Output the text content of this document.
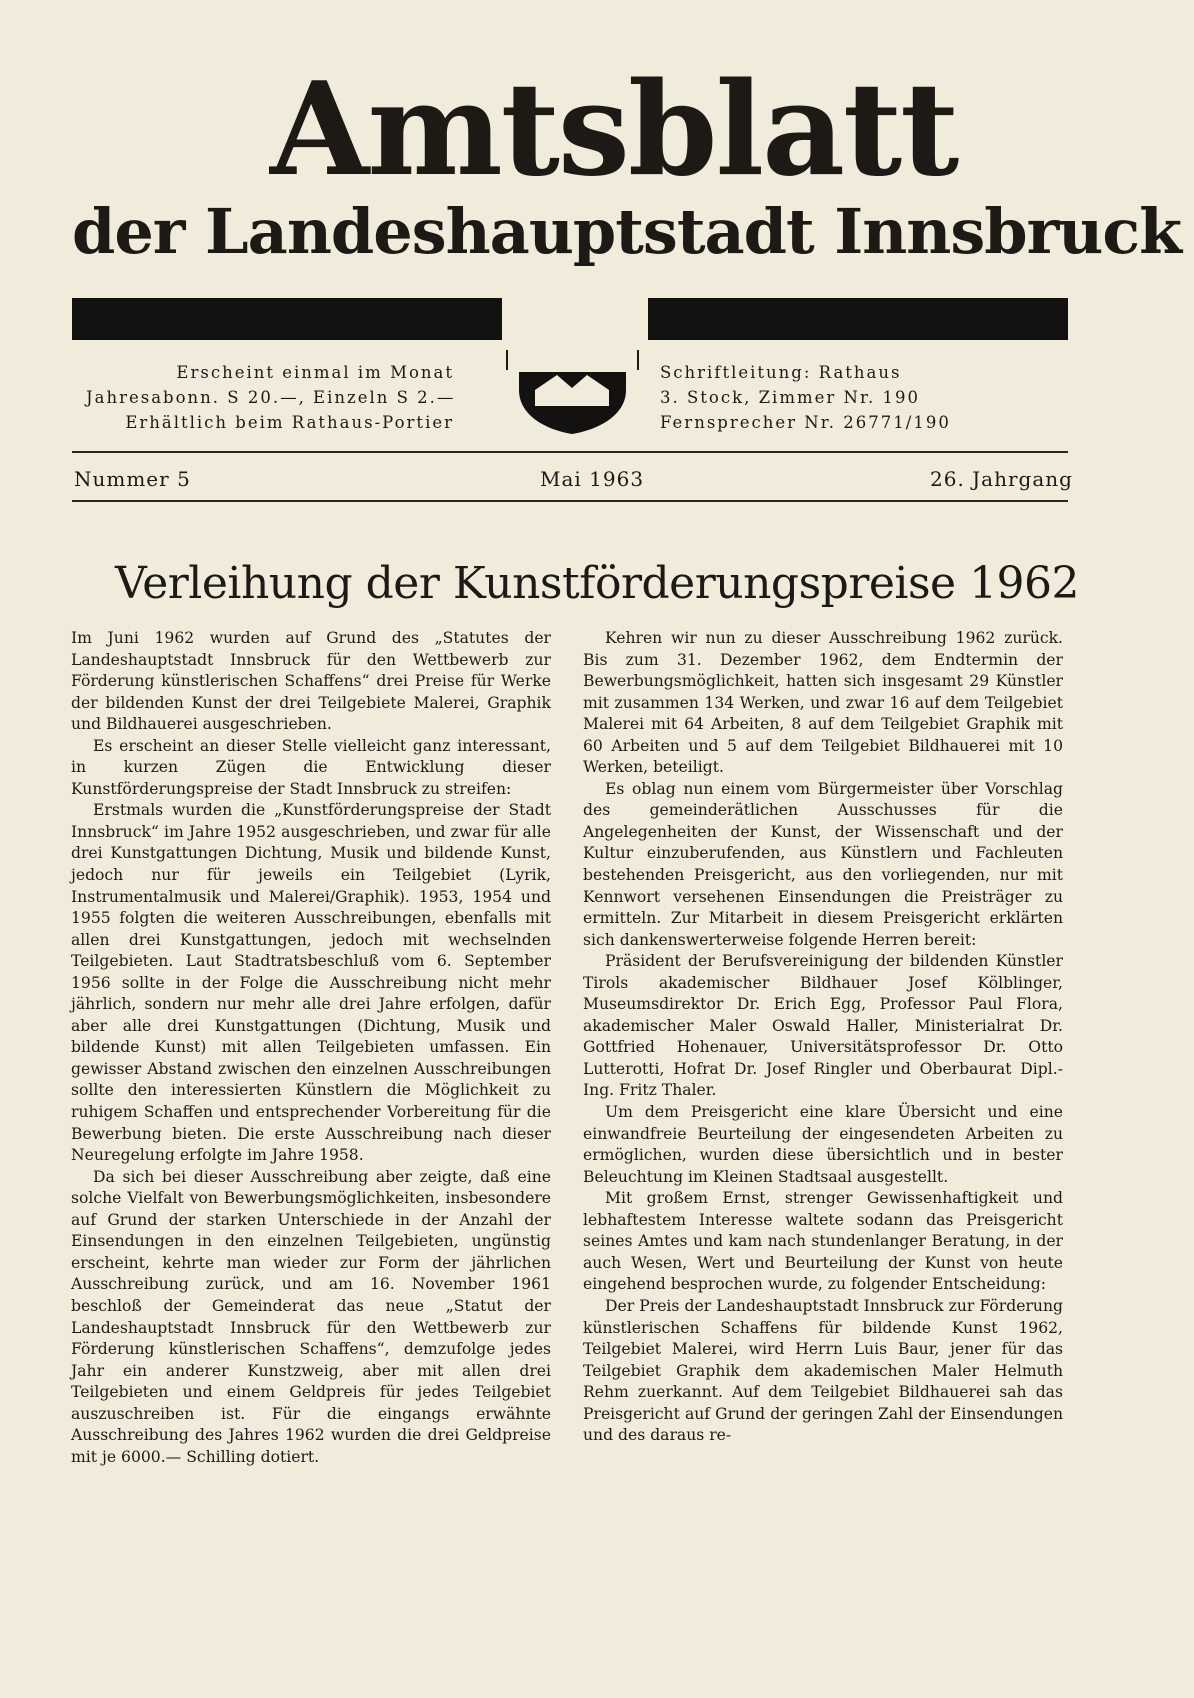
Amtsblatt
der Landeshauptstadt Innsbruck
Erscheint einmal im Monat
Jahresabonn. S 20.—, Einzeln S 2.—
Erhältlich beim Rathaus-Portier
Schriftleitung: Rathaus
3. Stock, Zimmer Nr. 190
Fernsprecher Nr. 26771/190
Nummer 5	Mai 1963	26. Jahrgang
Verleihung der Kunstförderungspreise 1962

Im Juni 1962 wurden auf Grund des „Statutes der Landeshauptstadt Innsbruck für den Wettbewerb zur Förderung künstlerischen Schaffens“ drei Preise für Werke der bildenden Kunst der drei Teilgebiete Malerei, Graphik und Bildhauerei ausgeschrieben.

Es erscheint an dieser Stelle vielleicht ganz interessant, in kurzen Zügen die Entwicklung dieser Kunstförderungspreise der Stadt Innsbruck zu streifen:

Erstmals wurden die „Kunstförderungspreise der Stadt Innsbruck“ im Jahre 1952 ausgeschrieben, und zwar für alle drei Kunstgattungen Dichtung, Musik und bildende Kunst, jedoch nur für jeweils ein Teilgebiet (Lyrik, Instrumentalmusik und Malerei/Graphik). 1953, 1954 und 1955 folgten die weiteren Ausschreibungen, ebenfalls mit allen drei Kunstgattungen, jedoch mit wechselnden Teilgebieten. Laut Stadtratsbeschluß vom 6. September 1956 sollte in der Folge die Ausschreibung nicht mehr jährlich, sondern nur mehr alle drei Jahre erfolgen, dafür aber alle drei Kunstgattungen (Dichtung, Musik und bildende Kunst) mit allen Teilgebieten umfassen. Ein gewisser Abstand zwischen den einzelnen Ausschreibungen sollte den interessierten Künstlern die Möglichkeit zu ruhigem Schaffen und entsprechender Vorbereitung für die Bewerbung bieten. Die erste Ausschreibung nach dieser Neuregelung erfolgte im Jahre 1958.

Da sich bei dieser Ausschreibung aber zeigte, daß eine solche Vielfalt von Bewerbungsmöglichkeiten, insbesondere auf Grund der starken Unterschiede in der Anzahl der Einsendungen in den einzelnen Teilgebieten, ungünstig erscheint, kehrte man wieder zur Form der jährlichen Ausschreibung zurück, und am 16. November 1961 beschloß der Gemeinderat das neue „Statut der Landeshauptstadt Innsbruck für den Wettbewerb zur Förderung künstlerischen Schaffens“, demzufolge jedes Jahr ein anderer Kunstzweig, aber mit allen drei Teilgebieten und einem Geldpreis für jedes Teilgebiet auszuschreiben ist. Für die eingangs erwähnte Ausschreibung des Jahres 1962 wurden die drei Geldpreise mit je 6000.— Schilling dotiert.

Kehren wir nun zu dieser Ausschreibung 1962 zurück. Bis zum 31. Dezember 1962, dem Endtermin der Bewerbungsmöglichkeit, hatten sich insgesamt 29 Künstler mit zusammen 134 Werken, und zwar 16 auf dem Teilgebiet Malerei mit 64 Arbeiten, 8 auf dem Teilgebiet Graphik mit 60 Arbeiten und 5 auf dem Teilgebiet Bildhauerei mit 10 Werken, beteiligt.

Es oblag nun einem vom Bürgermeister über Vorschlag des gemeinderätlichen Ausschusses für die Angelegenheiten der Kunst, der Wissenschaft und der Kultur einzuberufenden, aus Künstlern und Fachleuten bestehenden Preisgericht, aus den vorliegenden, nur mit Kennwort versehenen Einsendungen die Preisträger zu ermitteln. Zur Mitarbeit in diesem Preisgericht erklärten sich dankenswerterweise folgende Herren bereit:

Präsident der Berufsvereinigung der bildenden Künstler Tirols akademischer Bildhauer Josef Kölblinger, Museumsdirektor Dr. Erich Egg, Professor Paul Flora, akademischer Maler Oswald Haller, Ministerialrat Dr. Gottfried Hohenauer, Universitätsprofessor Dr. Otto Lutterotti, Hofrat Dr. Josef Ringler und Oberbaurat Dipl.-Ing. Fritz Thaler.

Um dem Preisgericht eine klare Übersicht und eine einwandfreie Beurteilung der eingesendeten Arbeiten zu ermöglichen, wurden diese übersichtlich und in bester Beleuchtung im Kleinen Stadtsaal ausgestellt.

Mit großem Ernst, strenger Gewissenhaftigkeit und lebhaftestem Interesse waltete sodann das Preisgericht seines Amtes und kam nach stundenlanger Beratung, in der auch Wesen, Wert und Beurteilung der Kunst von heute eingehend besprochen wurde, zu folgender Entscheidung:

Der Preis der Landeshauptstadt Innsbruck zur Förderung künstlerischen Schaffens für bildende Kunst 1962, Teilgebiet Malerei, wird Herrn Luis Baur, jener für das Teilgebiet Graphik dem akademischen Maler Helmuth Rehm zuerkannt. Auf dem Teilgebiet Bildhauerei sah das Preisgericht auf Grund der geringen Zahl der Einsendungen und des daraus re-
